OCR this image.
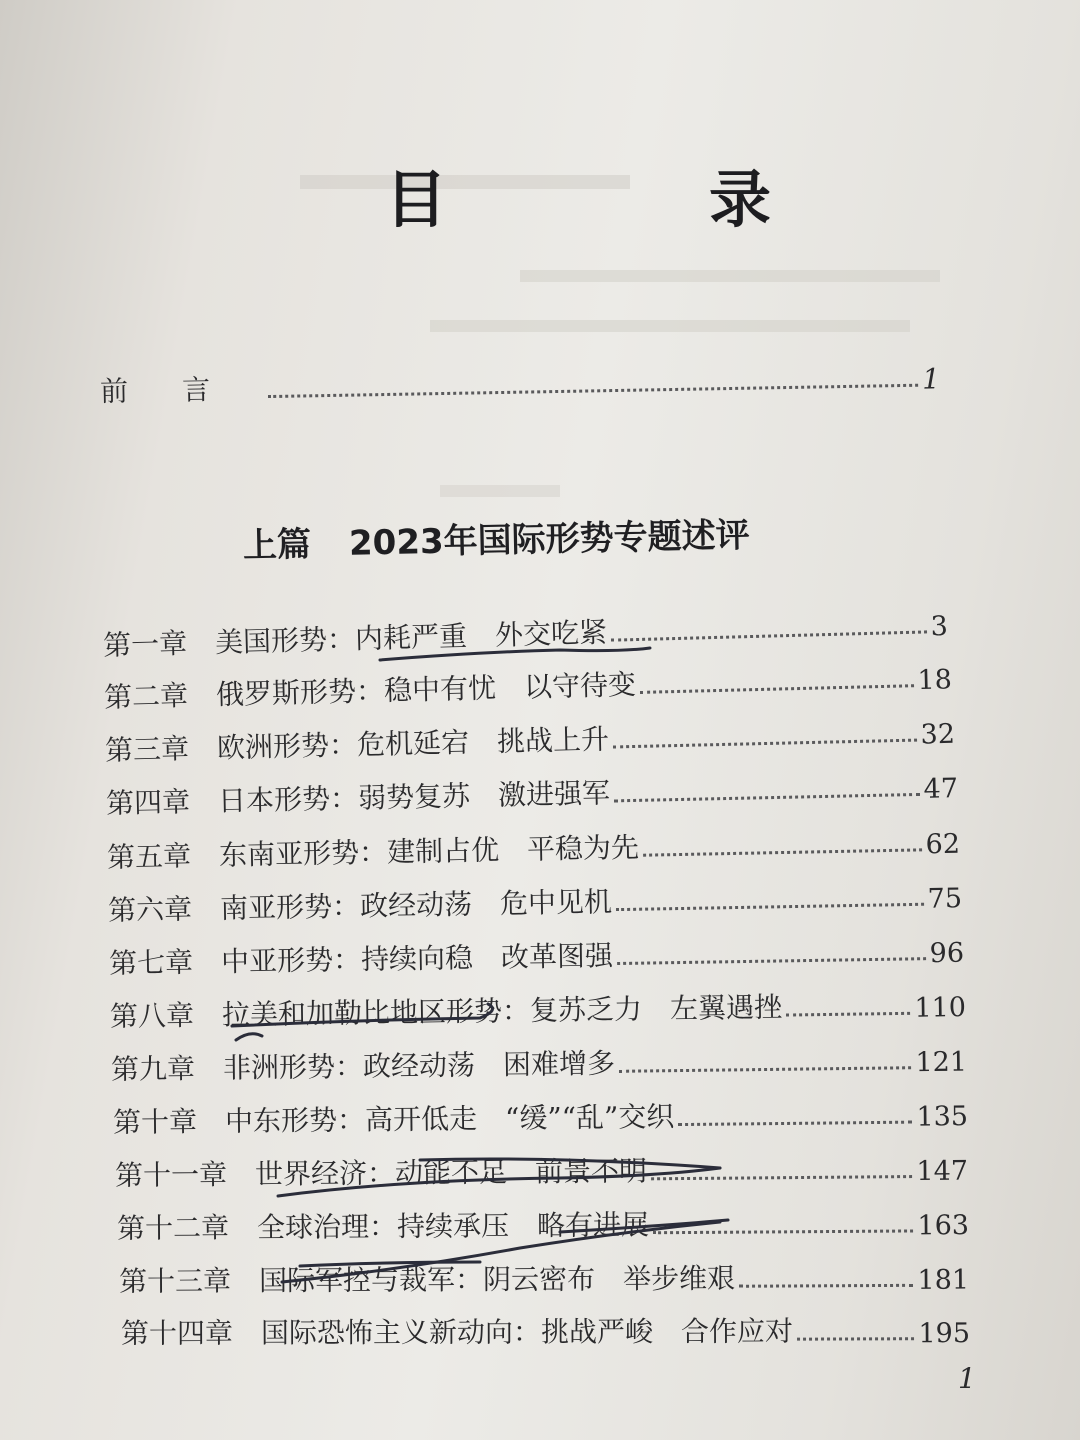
目　录
前言	1
上篇 2023年国际形势专题述评
第一章 美国形势：内耗严重　外交吃紧	3
第二章 俄罗斯形势：稳中有忧　以守待变	18
第三章 欧洲形势：危机延宕　挑战上升	32
第四章 日本形势：弱势复苏　激进强军	47
第五章 东南亚形势：建制占优　平稳为先	62
第六章 南亚形势：政经动荡　危中见机	75
第七章 中亚形势：持续向稳　改革图强	96
第八章 拉美和加勒比地区形势：复苏乏力　左翼遇挫	110
第九章 非洲形势：政经动荡　困难增多	121
第十章 中东形势：高开低走　“缓”“乱”交织	135
第十一章 世界经济：动能不足　前景不明	147
第十二章 全球治理：持续承压　略有进展	163
第十三章 国际军控与裁军：阴云密布　举步维艰	181
第十四章 国际恐怖主义新动向：挑战严峻　合作应对	195
1
